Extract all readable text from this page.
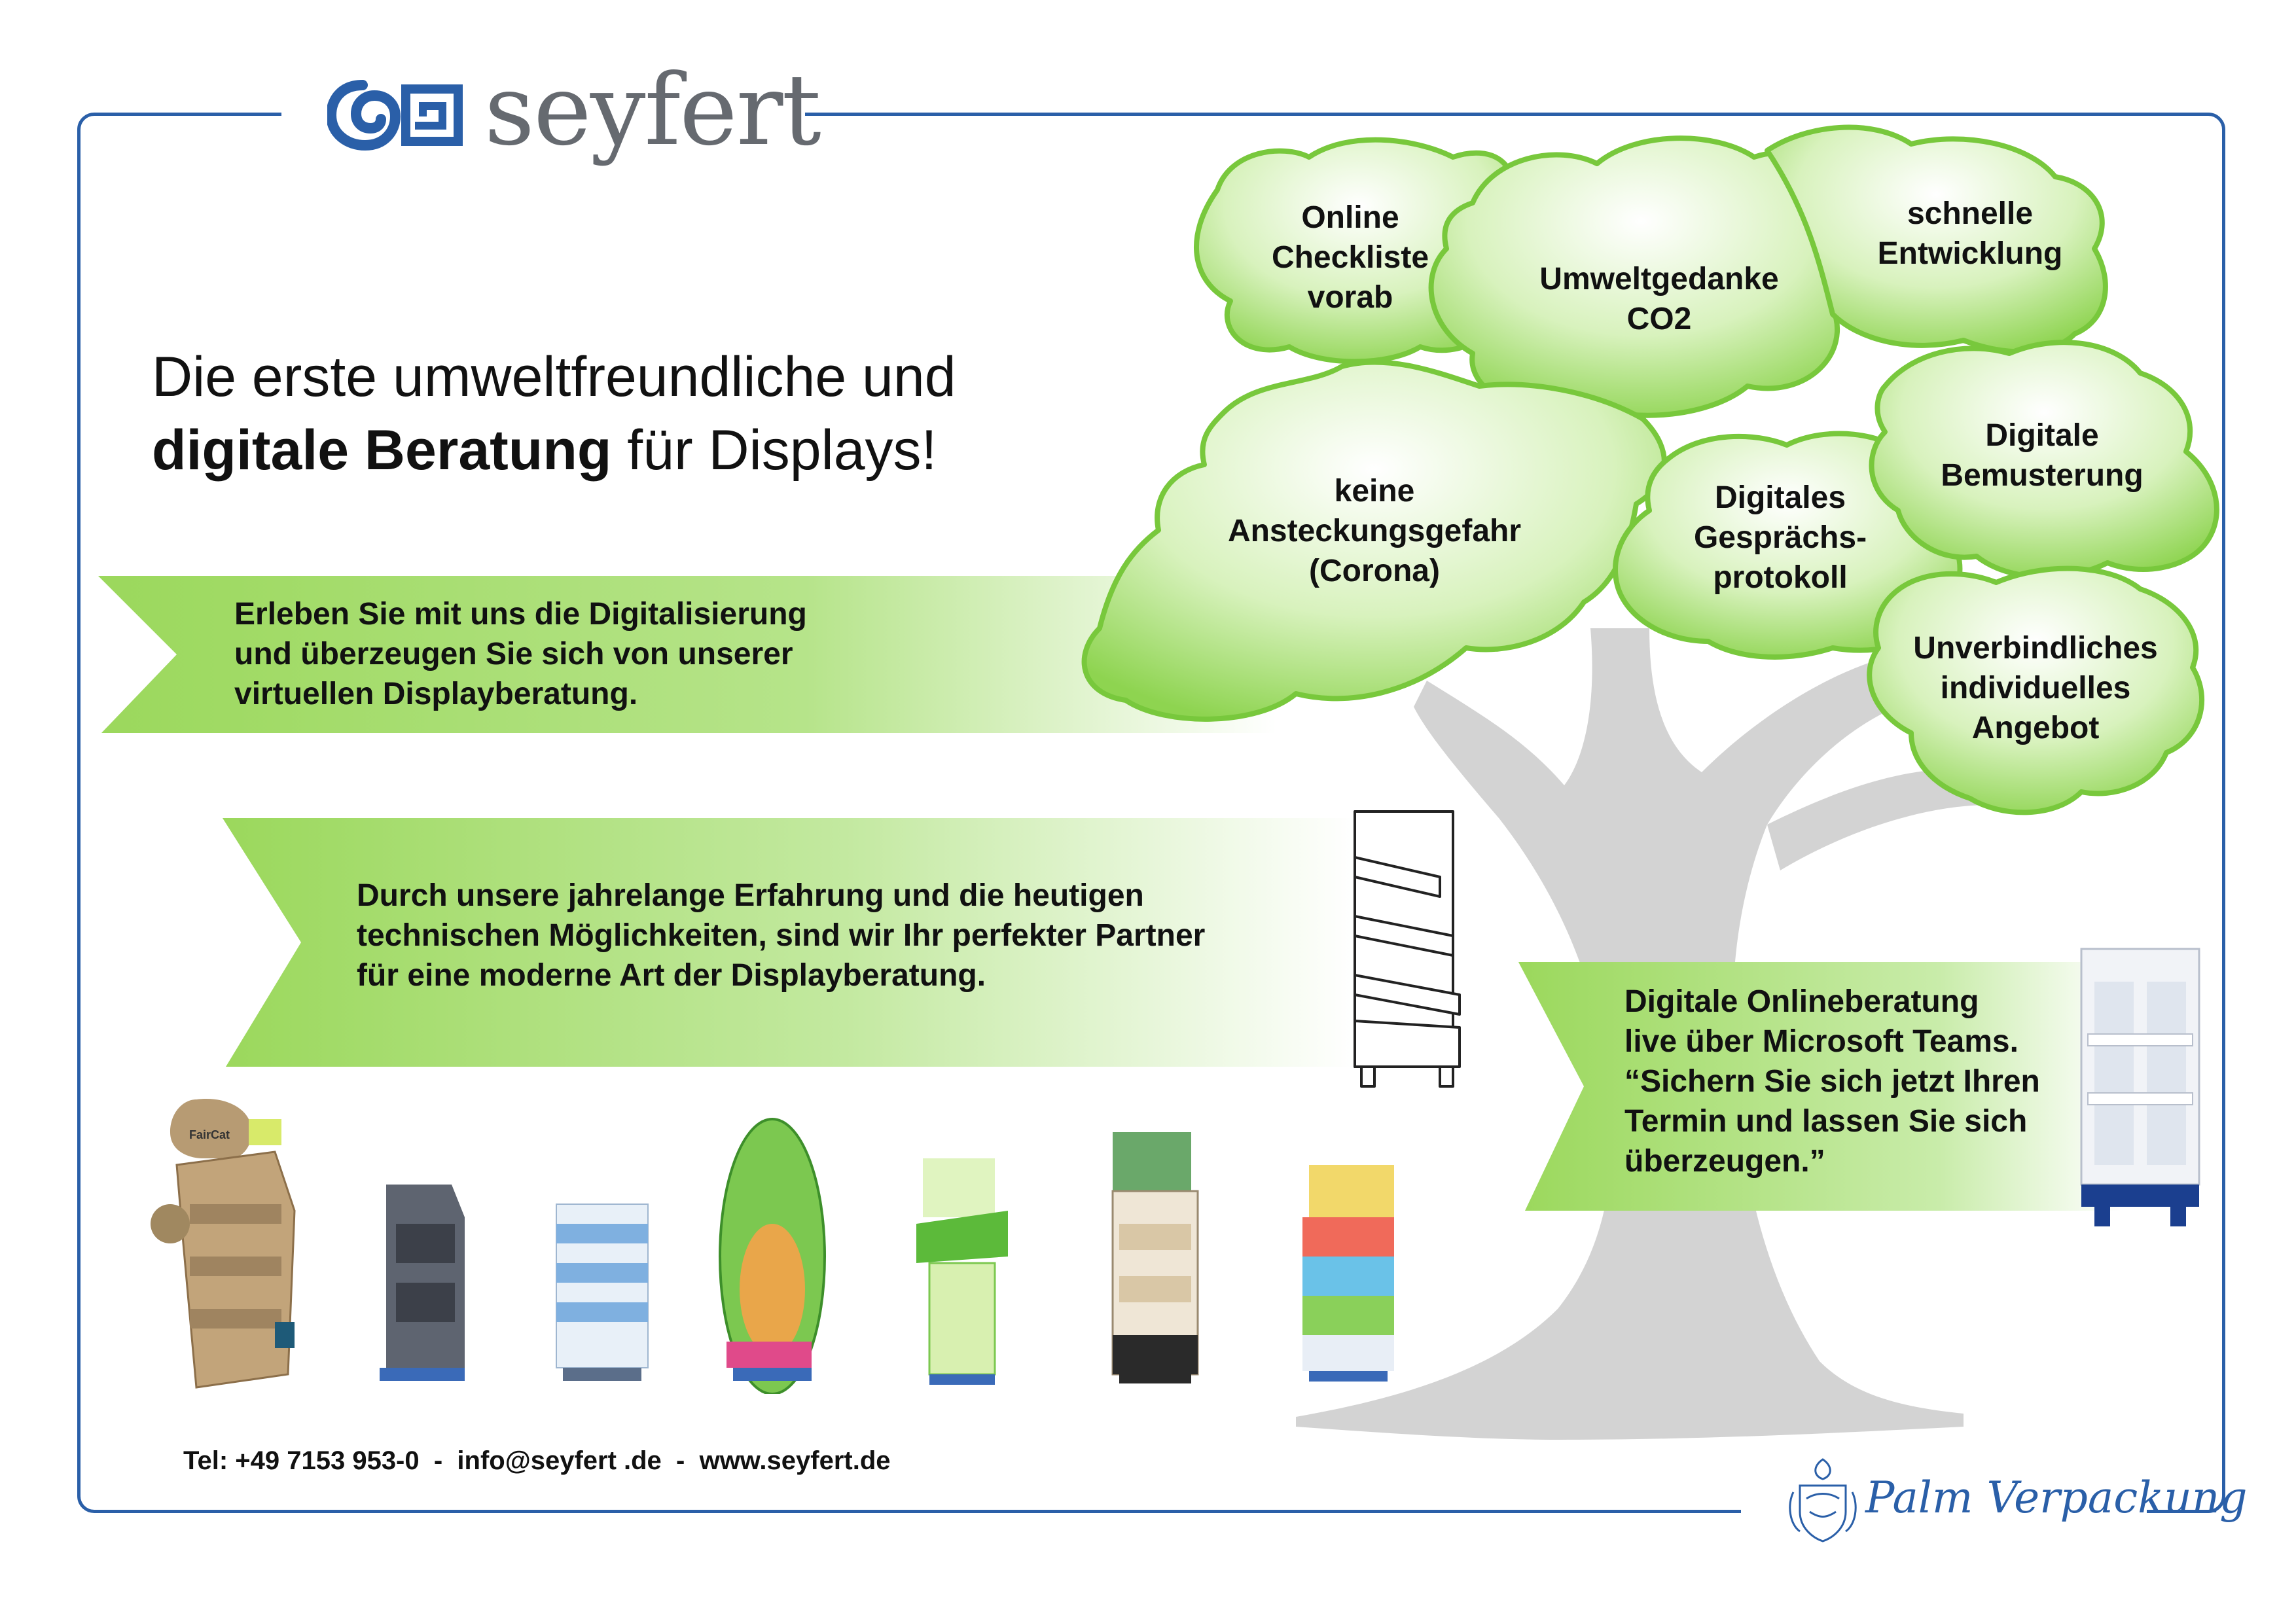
seyfert
Die erste umweltfreundliche und
digitale Beratung für Displays!
Erleben Sie mit uns die Digitalisierung
und überzeugen Sie sich von unserer
virtuellen Displayberatung.
Durch unsere jahrelange Erfahrung und die heutigen
technischen Möglichkeiten, sind wir Ihr perfekter Partner
für eine moderne Art der Displayberatung.
Digitale Onlineberatung
live über Microsoft Teams.
“Sichern Sie sich jetzt Ihren
Termin und lassen Sie sich
überzeugen.”
Online
Checkliste
vorab
Umweltgedanke
CO2
schnelle
Entwicklung
keine
Ansteckungsgefahr
(Corona)
Digitales
Gesprächs-
protokoll
Digitale
Bemusterung
Unverbindliches
individuelles
Angebot
FairCat
Tel: +49 7153 953-0  -  info@seyfert .de  -  www.seyfert.de
Palm Verpackung
